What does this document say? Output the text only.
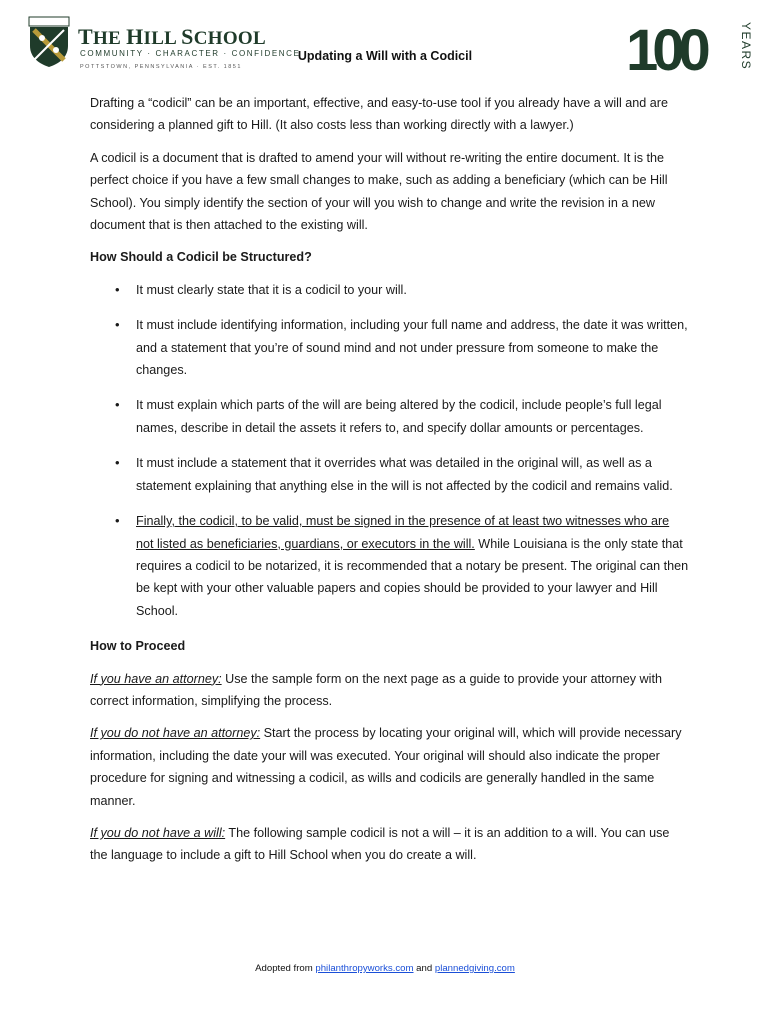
THE HILL SCHOOL
COMMUNITY · CHARACTER · CONFIDENCE
POTTSTOWN, PENNSYLVANIA · EST. 1851	100	YEARS
Updating a Will with a Codicil

Drafting a “codicil” can be an important, effective, and easy-to-use tool if you already have a will and are considering a planned gift to Hill. (It also costs less than working directly with a lawyer.)

A codicil is a document that is drafted to amend your will without re-writing the entire document. It is the perfect choice if you have a few small changes to make, such as adding a beneficiary (which can be Hill School). You simply identify the section of your will you wish to change and write the revision in a new document that is then attached to the existing will.

How Should a Codicil be Structured?
• It must clearly state that it is a codicil to your will.
• It must include identifying information, including your full name and address, the date it was written, and a statement that you’re of sound mind and not under pressure from someone to make the changes.
• It must explain which parts of the will are being altered by the codicil, include people’s full legal names, describe in detail the assets it refers to, and specify dollar amounts or percentages.
• It must include a statement that it overrides what was detailed in the original will, as well as a statement explaining that anything else in the will is not affected by the codicil and remains valid.
• Finally, the codicil, to be valid, must be signed in the presence of at least two witnesses who are not listed as beneficiaries, guardians, or executors in the will. While Louisiana is the only state that requires a codicil to be notarized, it is recommended that a notary be present. The original can then be kept with your other valuable papers and copies should be provided to your lawyer and Hill School.
How to Proceed

If you have an attorney: Use the sample form on the next page as a guide to provide your attorney with correct information, simplifying the process.

If you do not have an attorney: Start the process by locating your original will, which will provide necessary information, including the date your will was executed. Your original will should also indicate the proper procedure for signing and witnessing a codicil, as wills and codicils are generally handled in the same manner.

If you do not have a will: The following sample codicil is not a will – it is an addition to a will. You can use the language to include a gift to Hill School when you do create a will.

Adopted from philanthropyworks.com and plannedgiving.com
